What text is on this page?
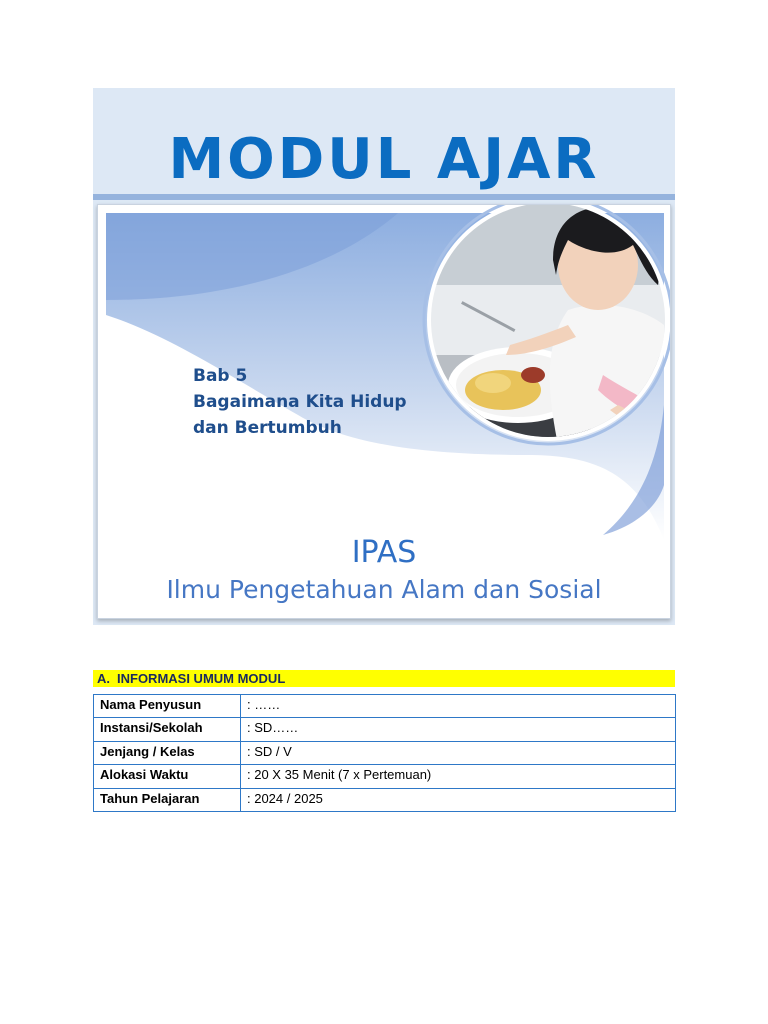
MODUL AJAR
Bab 5
Bagaimana Kita Hidup
dan Bertumbuh
IPAS
Ilmu Pengetahuan Alam dan Sosial
A. INFORMASI UMUM MODUL
Nama Penyusun	: ……
Instansi/Sekolah	: SD……
Jenjang / Kelas	: SD / V
Alokasi Waktu	: 20 X 35 Menit (7 x Pertemuan)
Tahun Pelajaran	: 2024 / 2025
